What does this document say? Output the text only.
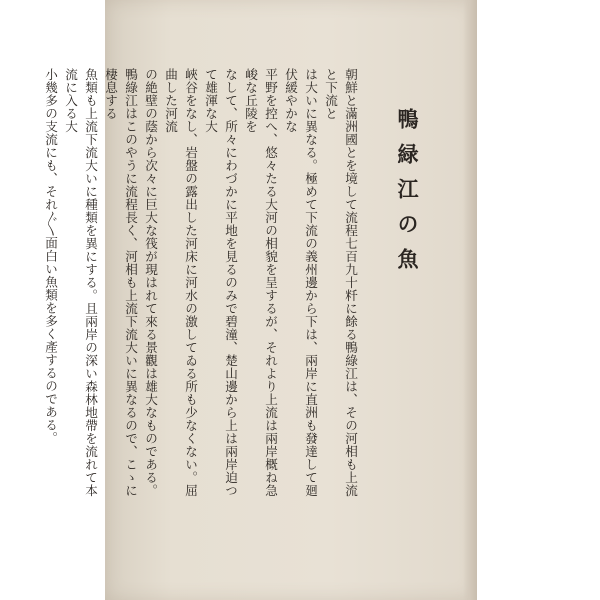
鴨緑江の魚
朝鮮と滿洲國とを境して流程七百九十粁に餘る鴨綠江は、その河相も上流と下流と
は大いに異なる。極めて下流の義州邊から下は、兩岸に直洲も發達して廻伏緩やかな
平野を控へ、悠々たる大河の相貌を呈するが、それより上流は兩岸概ね急峻な丘陵を
なして、所々にわづかに平地を見るのみで碧潼、楚山邊から上は兩岸迫つて雄渾な大
峽谷をなし、岩盤の露出した河床に河水の激してゐる所も少なくない。屈曲した河流
の絶壁の蔭から次々に巨大な筏が現はれて來る景觀は雄大なものである。
鴨綠江はこのやうに流程長く、河相も上流下流大いに異なるので、こゝに棲息する
魚類も上流下流大いに種類を異にする。且兩岸の深い森林地帶を流れて本流に入る大
小幾多の支流にも、それ〲面白い魚類を多く產するのである。
